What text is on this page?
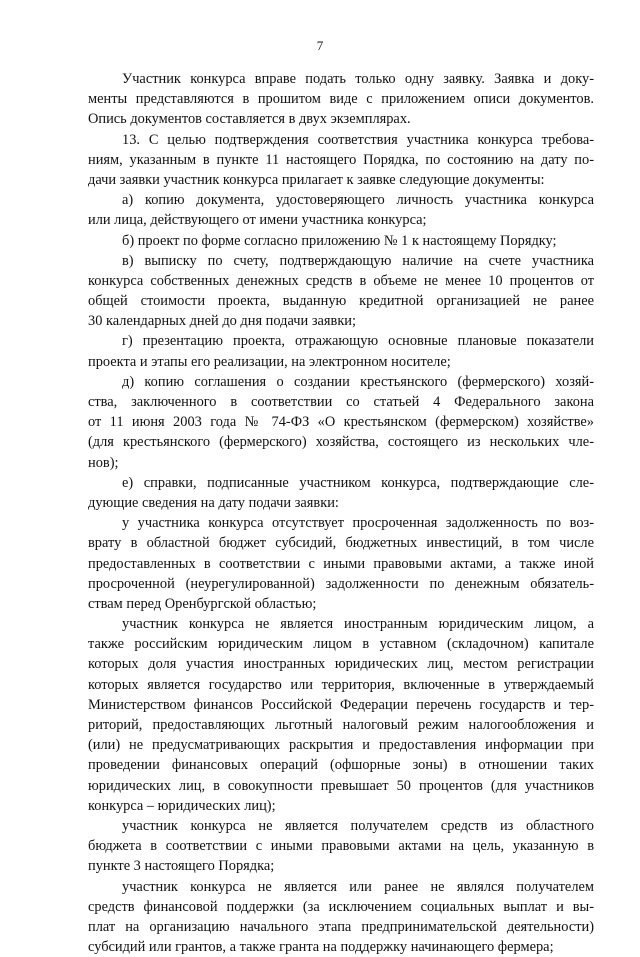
7
Участник конкурса вправе подать только одну заявку. Заявка и доку-
менты представляются в прошитом виде с приложением описи документов.
Опись документов составляется в двух экземплярах.
13. С целью подтверждения соответствия участника конкурса требова-
ниям, указанным в пункте 11 настоящего Порядка, по состоянию на дату по-
дачи заявки участник конкурса прилагает к заявке следующие документы:
а) копию документа, удостоверяющего личность участника конкурса
или лица, действующего от имени участника конкурса;
б) проект по форме согласно приложению № 1 к настоящему Порядку;
в) выписку по счету, подтверждающую наличие на счете участника
конкурса собственных денежных средств в объеме не менее 10 процентов от
общей стоимости проекта, выданную кредитной организацией не ранее
30 календарных дней до дня подачи заявки;
г) презентацию проекта, отражающую основные плановые показатели
проекта и этапы его реализации, на электронном носителе;
д) копию соглашения о создании крестьянского (фермерского) хозяй-
ства, заключенного в соответствии со статьей 4 Федерального закона
от 11 июня 2003 года № 74-ФЗ «О крестьянском (фермерском) хозяйстве»
(для крестьянского (фермерского) хозяйства, состоящего из нескольких чле-
нов);
е) справки, подписанные участником конкурса, подтверждающие сле-
дующие сведения на дату подачи заявки:
у участника конкурса отсутствует просроченная задолженность по воз-
врату в областной бюджет субсидий, бюджетных инвестиций, в том числе
предоставленных в соответствии с иными правовыми актами, а также иной
просроченной (неурегулированной) задолженности по денежным обязатель-
ствам перед Оренбургской областью;
участник конкурса не является иностранным юридическим лицом, а
также российским юридическим лицом в уставном (складочном) капитале
которых доля участия иностранных юридических лиц, местом регистрации
которых является государство или территория, включенные в утверждаемый
Министерством финансов Российской Федерации перечень государств и тер-
риторий, предоставляющих льготный налоговый режим налогообложения и
(или) не предусматривающих раскрытия и предоставления информации при
проведении финансовых операций (офшорные зоны) в отношении таких
юридических лиц, в совокупности превышает 50 процентов (для участников
конкурса – юридических лиц);
участник конкурса не является получателем средств из областного
бюджета в соответствии с иными правовыми актами на цель, указанную в
пункте 3 настоящего Порядка;
участник конкурса не является или ранее не являлся получателем
средств финансовой поддержки (за исключением социальных выплат и вы-
плат на организацию начального этапа предпринимательской деятельности)
субсидий или грантов, а также гранта на поддержку начинающего фермера;
